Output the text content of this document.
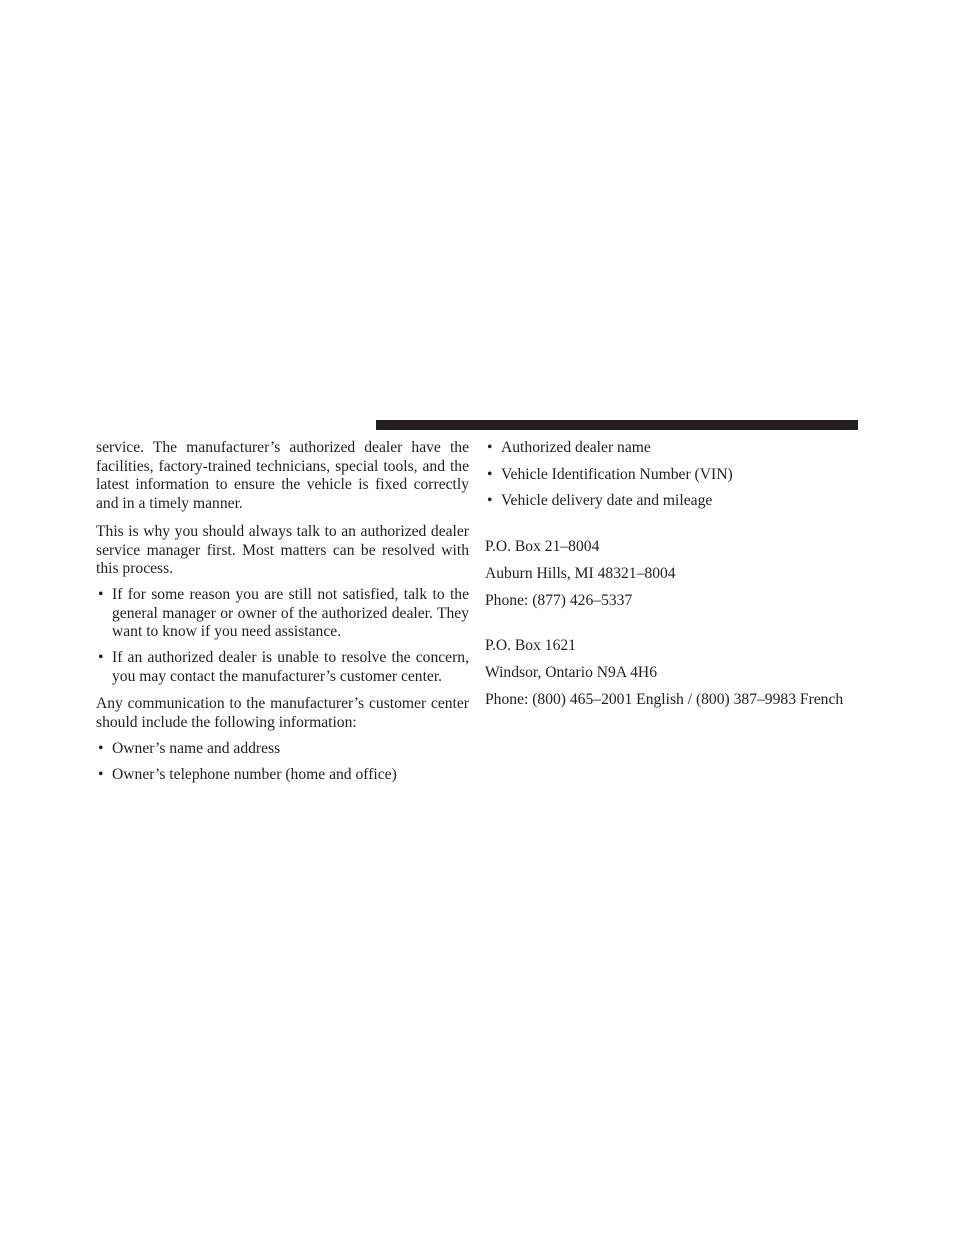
service. The manufacturer’s authorized dealer have the facilities, factory-trained technicians, special tools, and the latest information to ensure the vehicle is fixed correctly and in a timely manner.

This is why you should always talk to an authorized dealer service manager first. Most matters can be resolved with this process.

• If for some reason you are still not satisfied, talk to the general manager or owner of the authorized dealer. They want to know if you need assistance.
• If an authorized dealer is unable to resolve the concern, you may contact the manufacturer’s customer center.

Any communication to the manufacturer’s customer center should include the following information:

• Owner’s name and address
• Owner’s telephone number (home and office)
• Authorized dealer name
• Vehicle Identification Number (VIN)
• Vehicle delivery date and mileage

P.O. Box 21–8004

Auburn Hills, MI 48321–8004

Phone: (877) 426–5337

P.O. Box 1621

Windsor, Ontario N9A 4H6

Phone: (800) 465–2001 English / (800) 387–9983 French
